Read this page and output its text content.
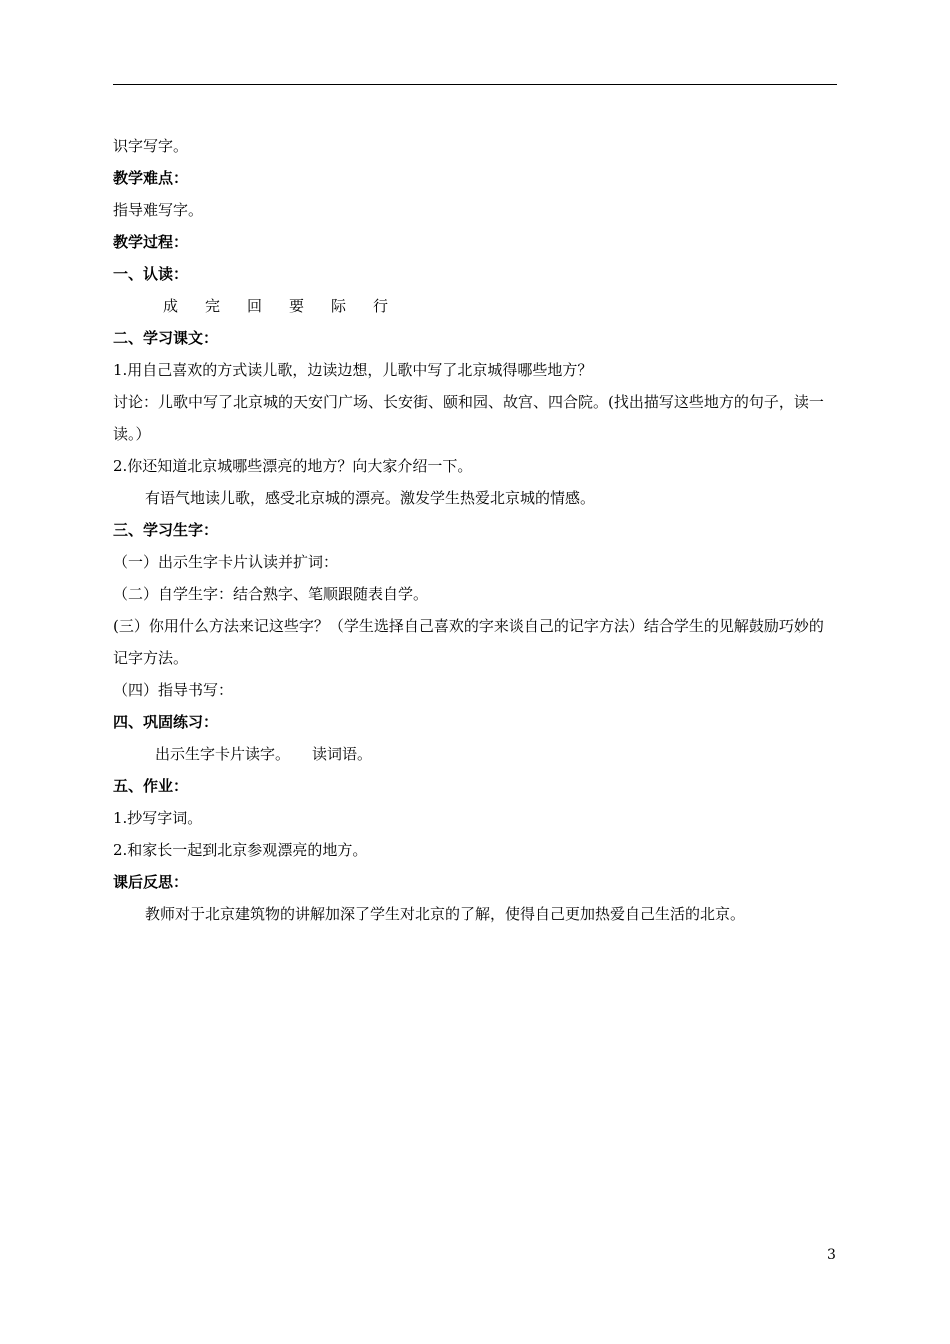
识字写字。
教学难点：
指导难写字。
教学过程：
一、认读：
成 完 回 要 际 行
二、学习课文：
1.用自己喜欢的方式读儿歌，边读边想，儿歌中写了北京城得哪些地方？
讨论：儿歌中写了北京城的天安门广场、长安街、颐和园、故宫、四合院。(找出描写这些地方的句子，读一读。）
2.你还知道北京城哪些漂亮的地方？向大家介绍一下。
有语气地读儿歌，感受北京城的漂亮。激发学生热爱北京城的情感。
三、学习生字：
（一）出示生字卡片认读并扩词：
（二）自学生字：结合熟字、笔顺跟随表自学。
(三）你用什么方法来记这些字？（学生选择自己喜欢的字来谈自己的记字方法）结合学生的见解鼓励巧妙的记字方法。
（四）指导书写：
四、巩固练习：
出示生字卡片读字。 读词语。
五、作业：
1.抄写字词。
2.和家长一起到北京参观漂亮的地方。
课后反思：
教师对于北京建筑物的讲解加深了学生对北京的了解，使得自己更加热爱自己生活的北京。
3
